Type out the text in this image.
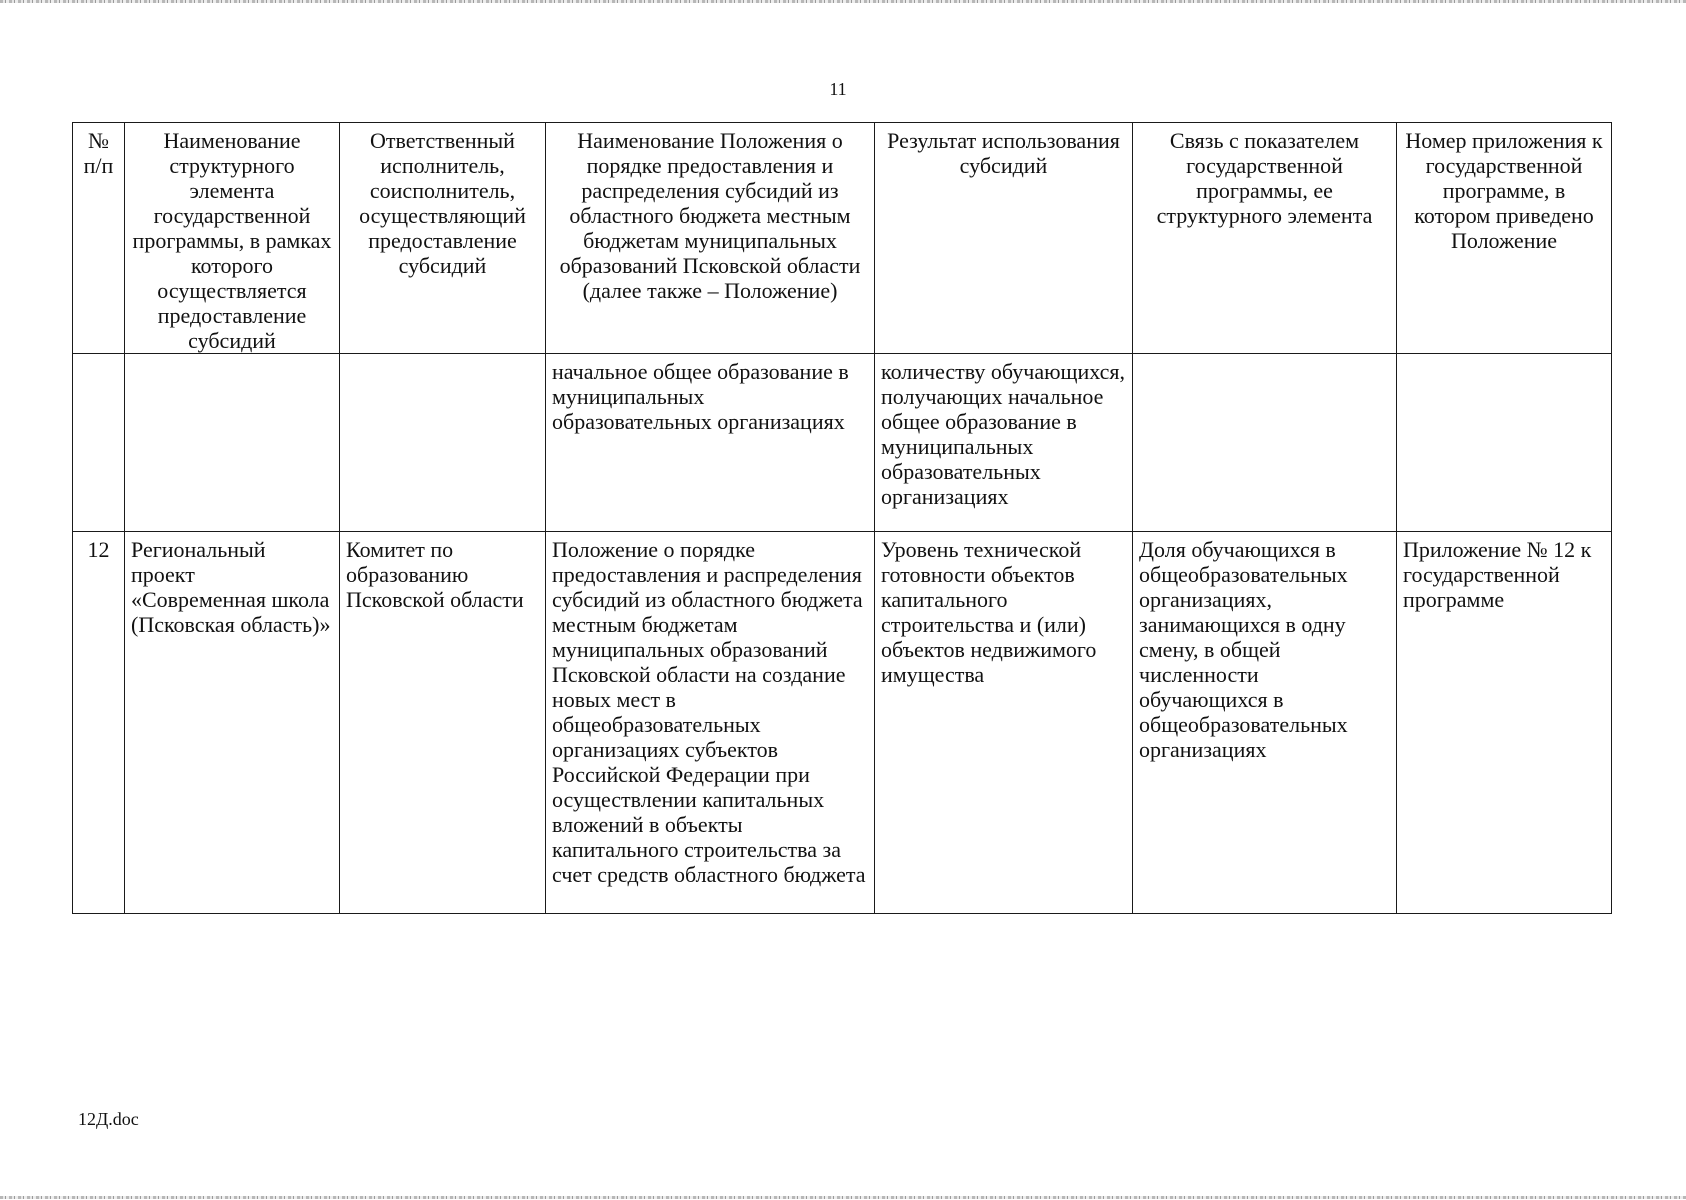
11
№ п/п	Наименование структурного элемента государственной программы, в рамках которого осуществляется предоставление субсидий	Ответственный исполнитель, соисполнитель, осуществляющий предоставление субсидий	Наименование Положения о порядке предоставления и распределения субсидий из областного бюджета местным бюджетам муниципальных образований Псковской области (далее также – Положение)	Результат использования субсидий	Связь с показателем государственной программы, ее структурного элемента	Номер приложения к государственной программе, в котором приведено Положение
			начальное общее образование в муниципальных образовательных организациях	количеству обучающихся, получающих начальное общее образование в муниципальных образовательных организациях		
12	Региональный проект «Современная школа (Псковская область)»	Комитет по образованию Псковской области	Положение о порядке предоставления и распределения субсидий из областного бюджета местным бюджетам муниципальных образований Псковской области на создание новых мест в общеобразовательных организациях субъектов Российской Федерации при осуществлении капитальных вложений в объекты капитального строительства за счет средств областного бюджета	Уровень технической готовности объектов капитального строительства и (или) объектов недвижимого имущества	Доля обучающихся в общеобразовательных организациях, занимающихся в одну смену, в общей численности обучающихся в общеобразовательных организациях	Приложение № 12 к государственной программе
12Д.doc
